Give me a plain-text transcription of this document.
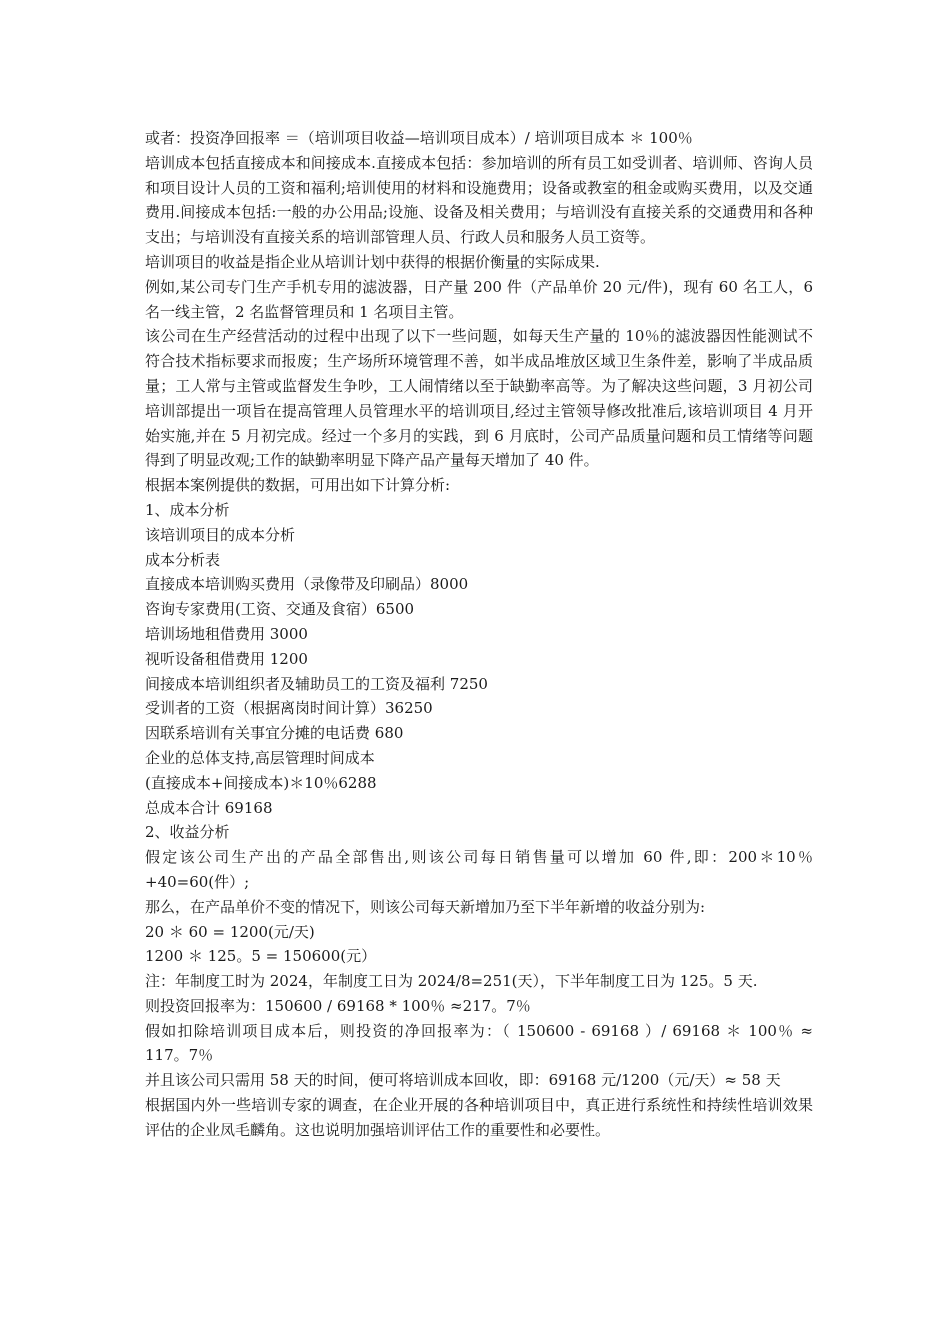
或者：投资净回报率 ＝（培训项目收益—培训项目成本）/ 培训项目成本 ＊ 100％

培训成本包括直接成本和间接成本.直接成本包括：参加培训的所有员工如受训者、培训师、咨询人员和项目设计人员的工资和福利;培训使用的材料和设施费用；设备或教室的租金或购买费用，以及交通费用.间接成本包括:一般的办公用品;设施、设备及相关费用；与培训没有直接关系的交通费用和各种支出；与培训没有直接关系的培训部管理人员、行政人员和服务人员工资等。

培训项目的收益是指企业从培训计划中获得的根据价衡量的实际成果.

例如,某公司专门生产手机专用的滤波器，日产量 200 件（产品单价 20 元/件)，现有 60 名工人，6 名一线主管，2 名监督管理员和 1 名项目主管。

该公司在生产经营活动的过程中出现了以下一些问题，如每天生产量的 10％的滤波器因性能测试不符合技术指标要求而报废；生产场所环境管理不善，如半成品堆放区域卫生条件差，影响了半成品质量；工人常与主管或监督发生争吵，工人闹情绪以至于缺勤率高等。为了解决这些问题，3 月初公司培训部提出一项旨在提高管理人员管理水平的培训项目,经过主管领导修改批准后,该培训项目 4 月开始实施,并在 5 月初完成。经过一个多月的实践，到 6 月底时，公司产品质量问题和员工情绪等问题得到了明显改观;工作的缺勤率明显下降产品产量每天增加了 40 件。

根据本案例提供的数据，可用出如下计算分析:

1、成本分析

该培训项目的成本分析

成本分析表

直接成本培训购买费用（录像带及印刷品）8000

咨询专家费用(工资、交通及食宿）6500

培训场地租借费用 3000

视听设备租借费用 1200

间接成本培训组织者及辅助员工的工资及福利 7250

受训者的工资（根据离岗时间计算）36250

因联系培训有关事宜分摊的电话费 680

企业的总体支持,高层管理时间成本

(直接成本+间接成本)＊10％6288

总成本合计 69168

2、收益分析

假定该公司生产出的产品全部售出,则该公司每日销售量可以增加 60 件,即：200＊10％+40=60(件）;

那么，在产品单价不变的情况下，则该公司每天新增加乃至下半年新增的收益分别为:

20 ＊ 60 = 1200(元/天)

1200 ＊ 125。5 = 150600(元）

注：年制度工时为 2024，年制度工日为 2024/8=251(天），下半年制度工日为 125。5 天.

则投资回报率为：150600 / 69168 * 100％ ≈217。7％

假如扣除培训项目成本后，则投资的净回报率为：（ 150600 - 69168 ）/ 69168 ＊ 100％ ≈ 117。7％

并且该公司只需用 58 天的时间，便可将培训成本回收，即：69168 元/1200（元/天）≈ 58 天

根据国内外一些培训专家的调查，在企业开展的各种培训项目中，真正进行系统性和持续性培训效果评估的企业凤毛麟角。这也说明加强培训评估工作的重要性和必要性。
